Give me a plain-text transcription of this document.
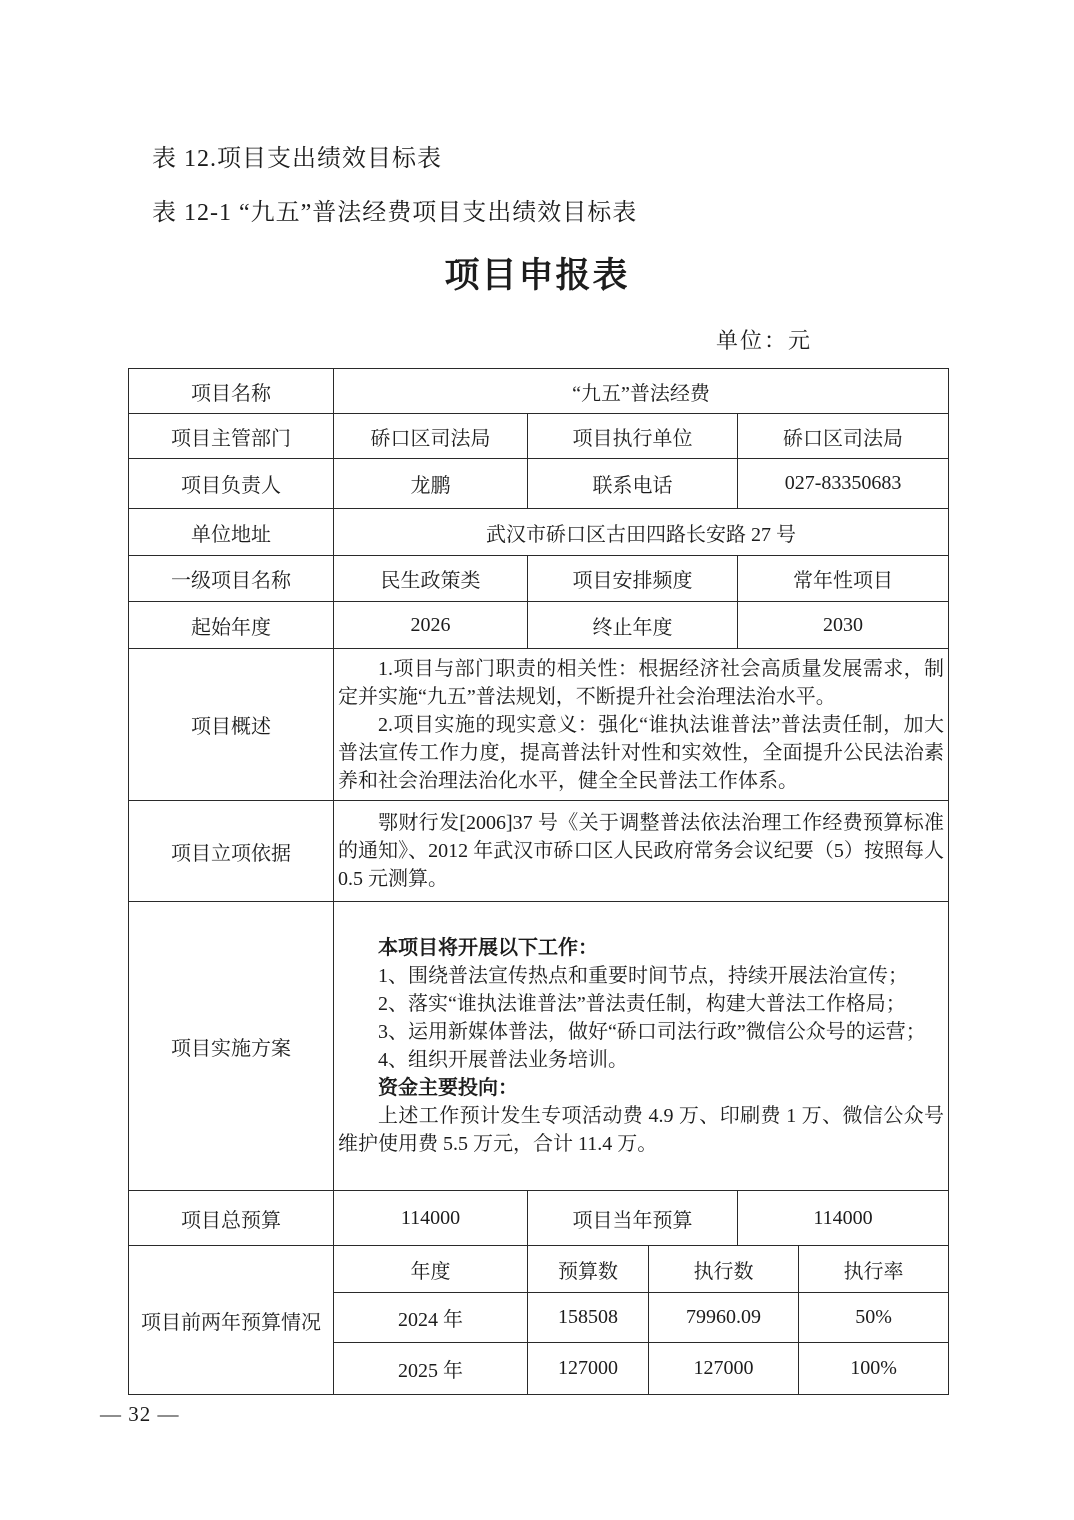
表 12.项目支出绩效目标表
表 12-1 “九五”普法经费项目支出绩效目标表
项目申报表
单位：元
项目名称	“九五”普法经费				
项目主管部门	硚口区司法局	项目执行单位		硚口区司法局	
项目负责人	龙鹏	联系电话		027-83350683	
单位地址	武汉市硚口区古田四路长安路 27 号				
一级项目名称	民生政策类	项目安排频度		常年性项目	
起始年度	2026	终止年度		2030	
项目概述	1.项目与部门职责的相关性：根据经济社会高质量发展需求，制定并实施“九五”普法规划，不断提升社会治理法治水平。
2.项目实施的现实意义：强化“谁执法谁普法”普法责任制，加大普法宣传工作力度，提高普法针对性和实效性，全面提升公民法治素养和社会治理法治化水平，健全全民普法工作体系。				

项目立项依据	鄂财行发[2006]37 号《关于调整普法依法治理工作经费预算标准的通知》、2012 年武汉市硚口区人民政府常务会议纪要（5）按照每人 0.5 元测算。				

项目实施方案	
本项目将开展以下工作：
1、围绕普法宣传热点和重要时间节点，持续开展法治宣传；
2、落实“谁执法谁普法”普法责任制，构建大普法工作格局；
3、运用新媒体普法，做好“硚口司法行政”微信公众号的运营；
4、组织开展普法业务培训。
资金主要投向：
上述工作预计发生专项活动费 4.9 万、印刷费 1 万、微信公众号维护使用费 5.5 万元，合计 11.4 万。

项目总预算	114000	项目当年预算		114000	
项目前两年预算情况	年度	预算数	执行数		执行率
	2024 年	158508	79960.09		50%
	2025 年	127000	127000		100%
— 32 —
